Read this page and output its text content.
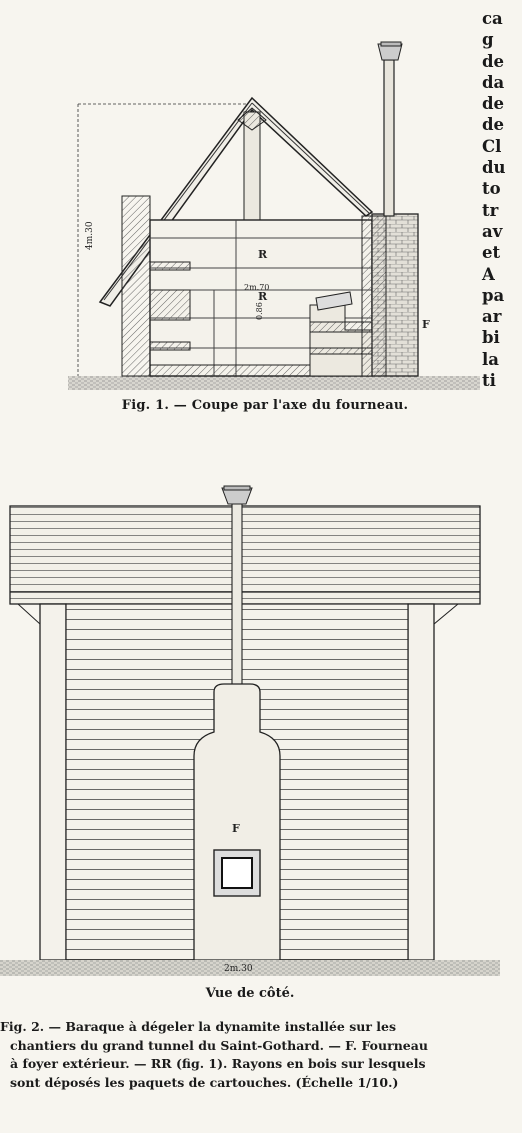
ca
g
de
da
de
de
Cl
du
to
tr
av
et
A
pa
ar
bi
la
ti
4m.30
R
R
2m.70
0.86
F
Fig. 1. — Coupe par l'axe du fourneau.
F
2m.30
Vue de côté.
Fig. 2. — Baraque à dégeler la dynamite installée sur les
chantiers du grand tunnel du Saint-Gothard. — F. Fourneau
à foyer extérieur. — RR (fig. 1). Rayons en bois sur lesquels
sont déposés les paquets de cartouches. (Échelle 1/10.)
